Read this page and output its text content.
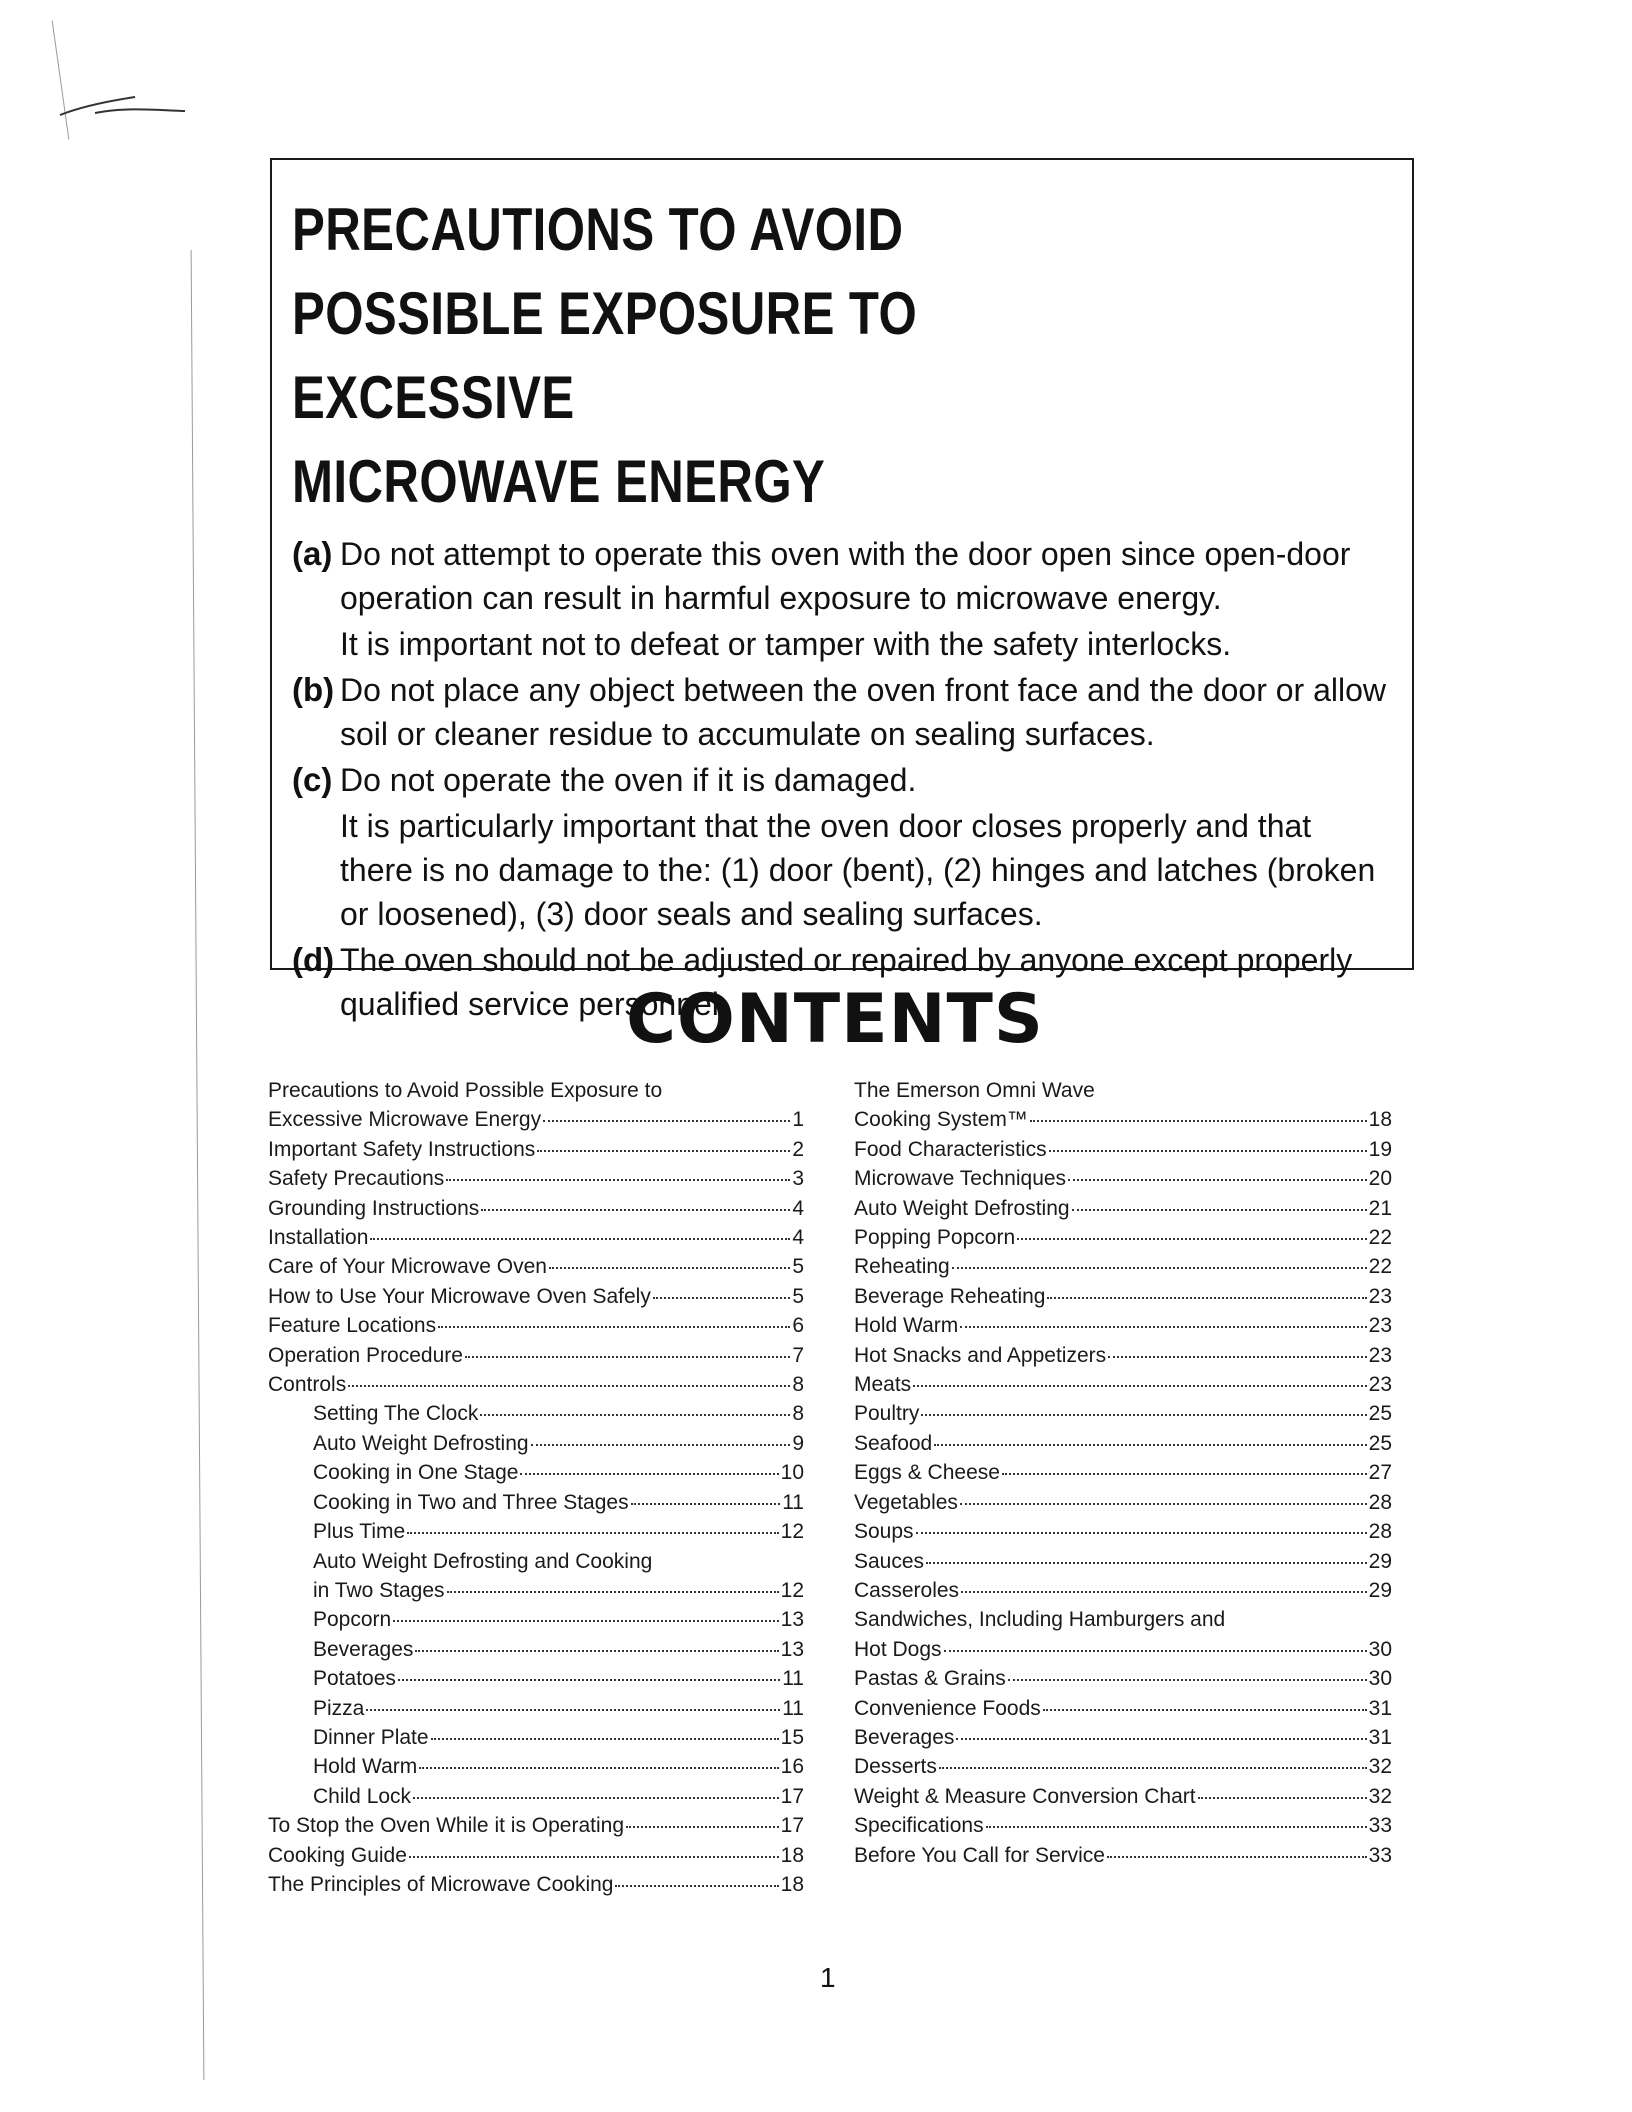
PRECAUTIONS TO AVOID
POSSIBLE EXPOSURE TO EXCESSIVE
MICROWAVE ENERGY
(a) Do not attempt to operate this oven with the door open since open-door operation can result in harmful exposure to microwave energy.

It is important not to defeat or tamper with the safety interlocks.

(b) Do not place any object between the oven front face and the door or allow soil or cleaner residue to accumulate on sealing surfaces.

(c) Do not operate the oven if it is damaged.

It is particularly important that the oven door closes properly and that there is no damage to the: (1) door (bent), (2) hinges and latches (broken or loosened), (3) door seals and sealing surfaces.

(d) The oven should not be adjusted or repaired by anyone except properly qualified service personnel.

CONTENTS
Precautions to Avoid Possible Exposure to
Excessive Microwave Energy	1
Important Safety Instructions	2
Safety Precautions	3
Grounding Instructions	4
Installation	4
Care of Your Microwave Oven	5
How to Use Your Microwave Oven Safely	5
Feature Locations	6
Operation Procedure	7
Controls	8
Setting The Clock	8
Auto Weight Defrosting	9
Cooking in One Stage	10
Cooking in Two and Three Stages	11
Plus Time	12
Auto Weight Defrosting and Cooking
in Two Stages	12
Popcorn	13
Beverages	13
Potatoes	11
Pizza	11
Dinner Plate	15
Hold Warm	16
Child Lock	17
To Stop the Oven While it is Operating	17
Cooking Guide	18
The Principles of Microwave Cooking	18
The Emerson Omni Wave
Cooking System™	18
Food Characteristics	19
Microwave Techniques	20
Auto Weight Defrosting	21
Popping Popcorn	22
Reheating	22
Beverage Reheating	23
Hold Warm	23
Hot Snacks and Appetizers	23
Meats	23
Poultry	25
Seafood	25
Eggs & Cheese	27
Vegetables	28
Soups	28
Sauces	29
Casseroles	29
Sandwiches, Including Hamburgers and
Hot Dogs	30
Pastas & Grains	30
Convenience Foods	31
Beverages	31
Desserts	32
Weight & Measure Conversion Chart	32
Specifications	33
Before You Call for Service	33

1
